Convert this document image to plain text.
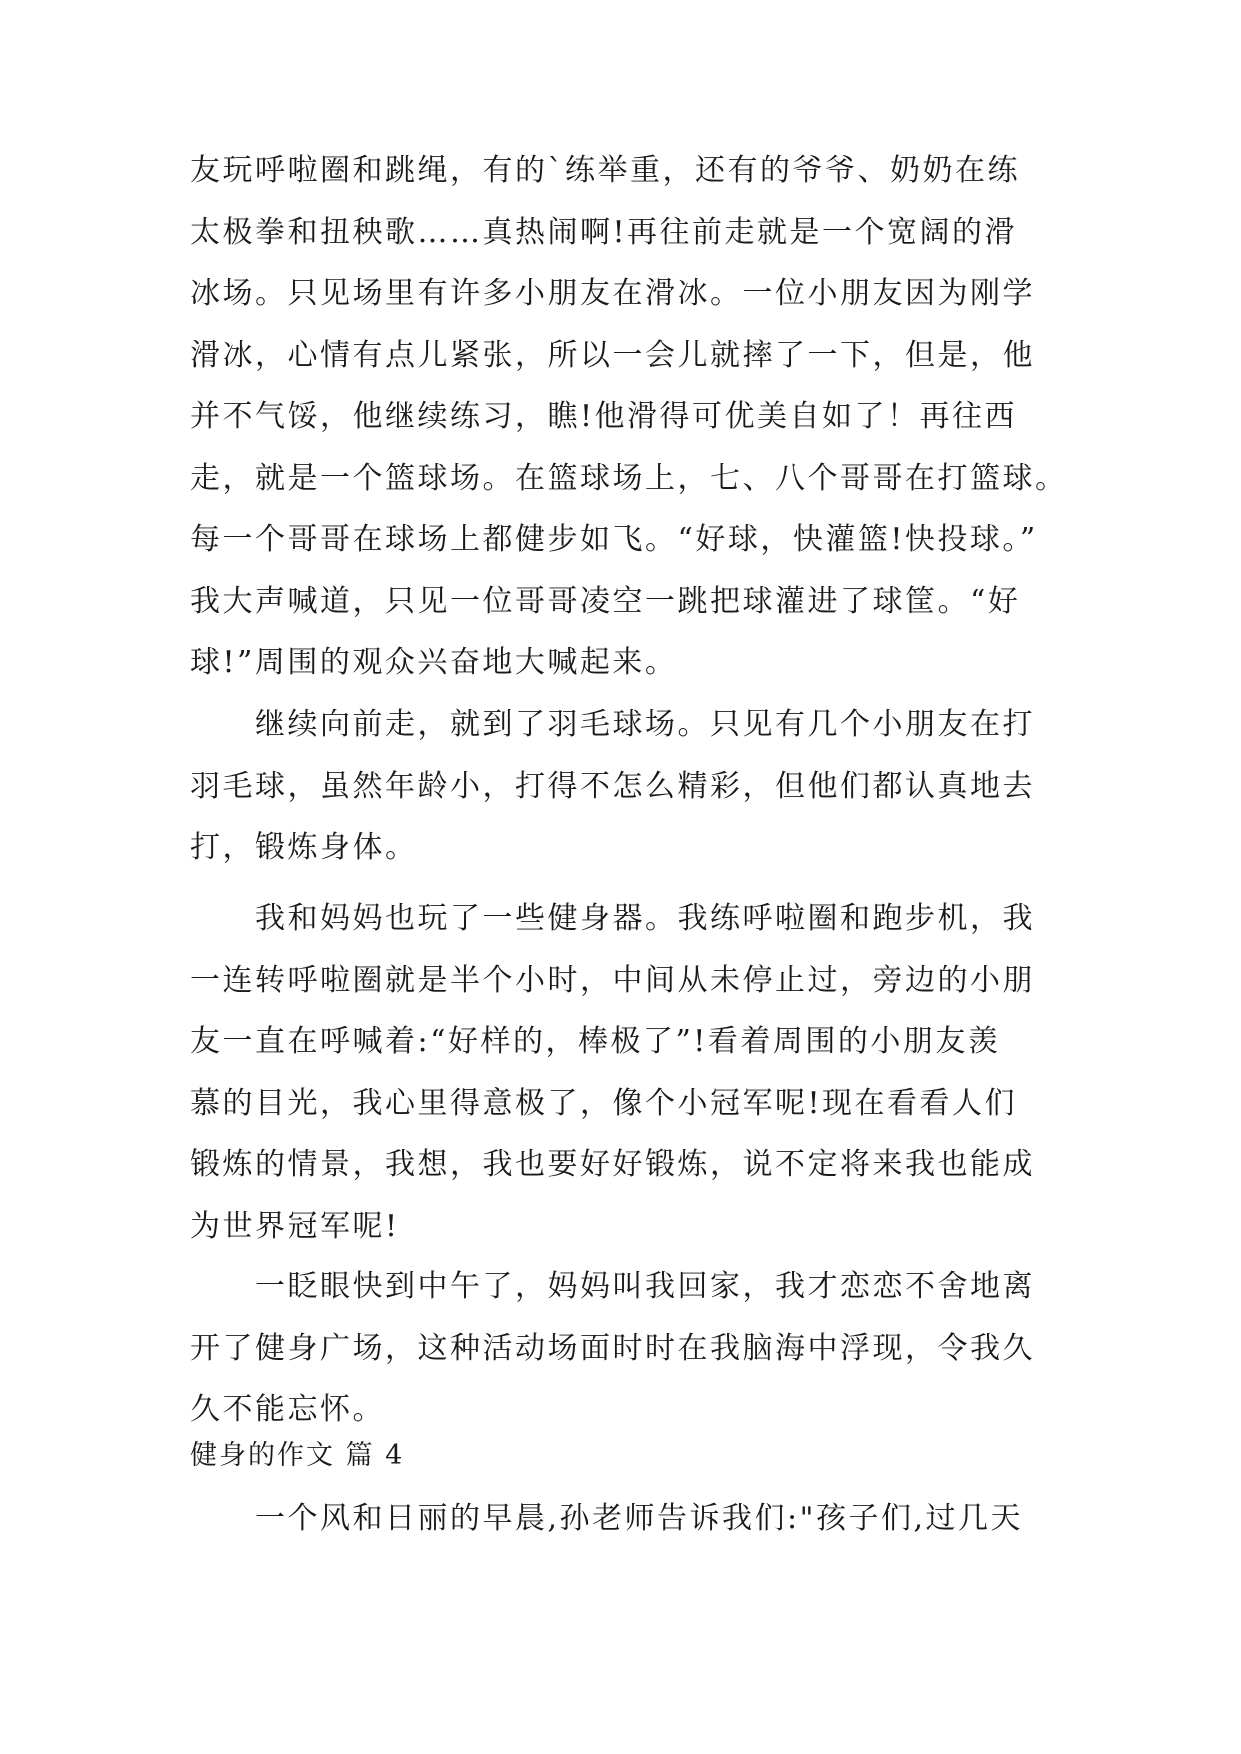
友玩呼啦圈和跳绳，有的`练举重，还有的爷爷、奶奶在练
太极拳和扭秧歌……真热闹啊!再往前走就是一个宽阔的滑
冰场。只见场里有许多小朋友在滑冰。一位小朋友因为刚学
滑冰，心情有点儿紧张，所以一会儿就摔了一下，但是，他
并不气馁，他继续练习，瞧!他滑得可优美自如了！再往西
走，就是一个篮球场。在篮球场上，七、八个哥哥在打篮球。
每一个哥哥在球场上都健步如飞。“好球，快灌篮!快投球。”
我大声喊道，只见一位哥哥凌空一跳把球灌进了球筐。“好
球!”周围的观众兴奋地大喊起来。
　　继续向前走，就到了羽毛球场。只见有几个小朋友在打
羽毛球，虽然年龄小，打得不怎么精彩，但他们都认真地去
打，锻炼身体。
　　我和妈妈也玩了一些健身器。我练呼啦圈和跑步机，我
一连转呼啦圈就是半个小时，中间从未停止过，旁边的小朋
友一直在呼喊着:“好样的，棒极了”!看着周围的小朋友羡
慕的目光，我心里得意极了，像个小冠军呢!现在看看人们
锻炼的情景，我想，我也要好好锻炼，说不定将来我也能成
为世界冠军呢!
　　一眨眼快到中午了，妈妈叫我回家，我才恋恋不舍地离
开了健身广场，这种活动场面时时在我脑海中浮现，令我久
久不能忘怀。
健身的作文 篇 4
　　一个风和日丽的早晨,孙老师告诉我们:"孩子们,过几天
